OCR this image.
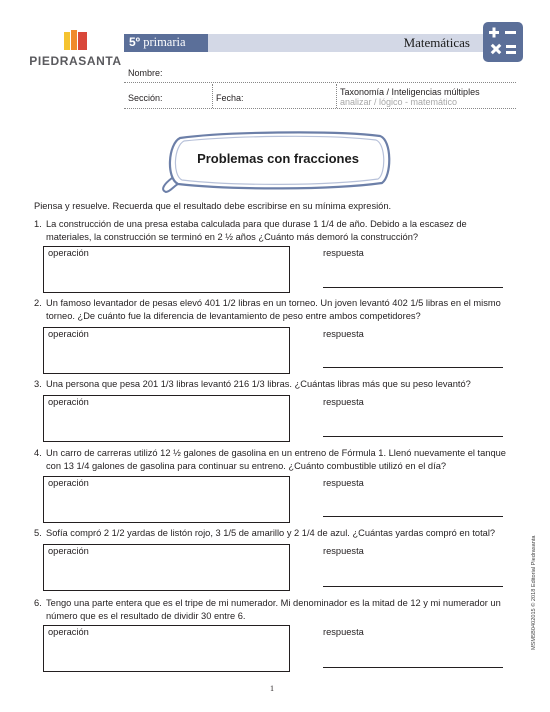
PIEDRASANTA
5º primaria	Matemáticas
Nombre:
Sección:	Fecha:
Taxonomía / Inteligencias múltiples
analizar / lógico - matemático
Problemas con fracciones
Piensa y resuelve. Recuerda que el resultado debe escribirse en su mínima expresión.
1. La construcción de una presa estaba calculada para que durase 1 1/4 de año. Debido a la escasez de materiales, la construcción se terminó en 2 ½ años ¿Cuánto más demoró la construcción?
operación	respuesta
2. Un famoso levantador de pesas elevó 401 1/2 libras en un torneo. Un joven levantó 402 1/5 libras en el mismo torneo. ¿De cuánto fue la diferencia de levantamiento de peso entre ambos competidores?
operación	respuesta
3. Una persona que pesa 201 1/3 libras levantó 216 1/3 libras. ¿Cuántas libras más que su peso levantó?
operación	respuesta
4. Un carro de carreras utilizó 12 ½ galones de gasolina en un entreno de Fórmula 1. Llenó nuevamente el tanque con 13 1/4 galones de gasolina para continuar su entreno. ¿Cuánto combustible utilizó en el día?
operación	respuesta
5. Sofía compró 2 1/2 yardas de listón rojo, 3 1/5 de amarillo y 2 1/4 de azul. ¿Cuántas yardas compró en total?
operación	respuesta
6. Tengo una parte entera que es el tripe de mi numerador. Mi denominador es la mitad de 12 y mi numerador un número que es el resultado de dividir 30 entre 6.
operación	respuesta	MSM5B0402015 © 2018 Editorial Piedrasanta
1
